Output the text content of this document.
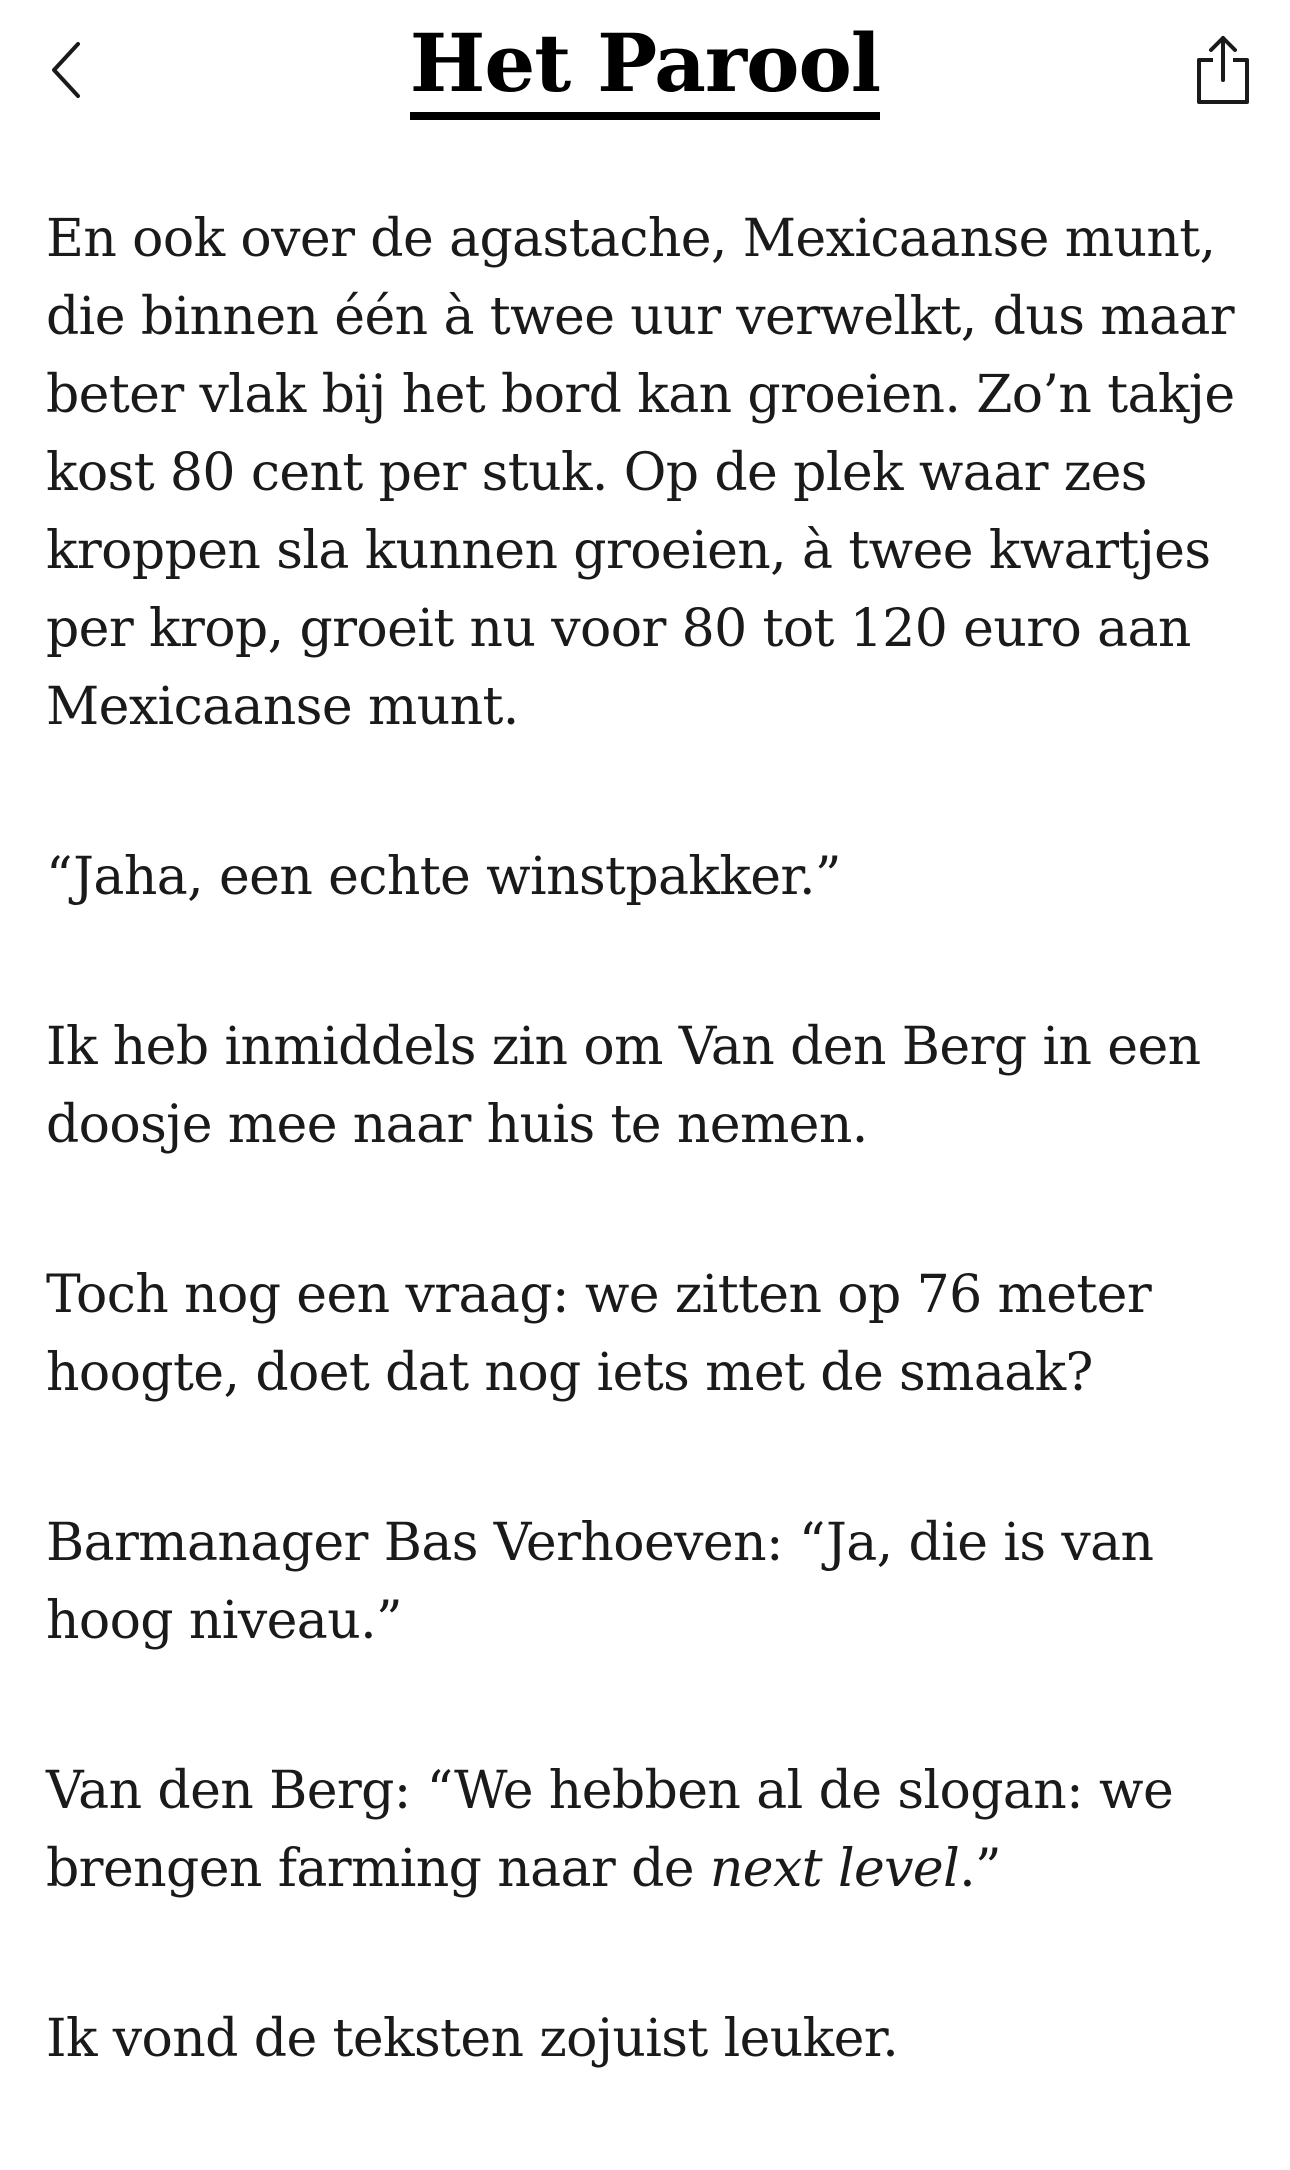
Het Parool

En ook over de agastache, Mexicaanse munt, die binnen één à twee uur verwelkt, dus maar beter vlak bij het bord kan groeien. Zo’n takje kost 80 cent per stuk. Op de plek waar zes kroppen sla kunnen groeien, à twee kwartjes per krop, groeit nu voor 80 tot 120 euro aan Mexicaanse munt.

“Jaha, een echte winstpakker.”

Ik heb inmiddels zin om Van den Berg in een doosje mee naar huis te nemen.

Toch nog een vraag: we zitten op 76 meter hoogte, doet dat nog iets met de smaak?

Barmanager Bas Verhoeven: “Ja, die is van hoog niveau.”

Van den Berg: “We hebben al de slogan: we brengen farming naar de next level.”

Ik vond de teksten zojuist leuker.
